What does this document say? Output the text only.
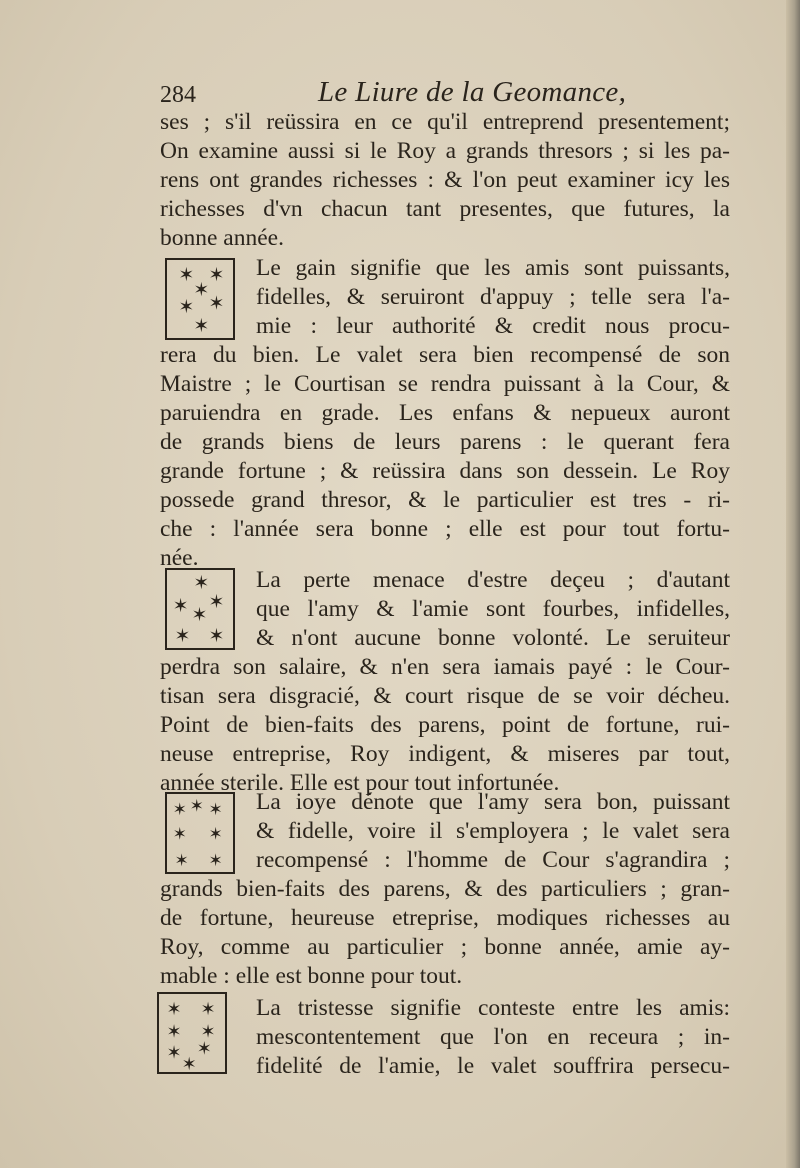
284	Le Liure de la Geomance,
ses ; s'il reüssira en ce qu'il entreprend presentement;
On examine aussi si le Roy a grands thresors ; si les pa-
rens ont grandes richesses : & l'on peut examiner icy les
richesses d'vn chacun tant presentes, que futures, la
bonne année.
✶ ✶
✶
✶ ✶
✶
Le gain signifie que les amis sont puissants,
fidelles, & seruiront d'appuy ; telle sera l'a-
mie : leur authorité & credit nous procu-
rera du bien. Le valet sera bien recompensé de son
Maistre ; le Courtisan se rendra puissant à la Cour, &
paruiendra en grade. Les enfans & nepueux auront
de grands biens de leurs parens : le querant fera
grande fortune ; & reüssira dans son dessein. Le Roy
possede grand thresor, & le particulier est tres - ri-
che : l'année sera bonne ; elle est pour tout fortu-
née.
✶
✶ ✶
✶
✶ ✶
La perte menace d'estre deçeu ; d'autant
que l'amy & l'amie sont fourbes, infidelles,
& n'ont aucune bonne volonté. Le seruiteur
perdra son salaire, & n'en sera iamais payé : le Cour-
tisan sera disgracié, & court risque de se voir décheu.
Point de bien-faits des parens, point de fortune, rui-
neuse entreprise, Roy indigent, & miseres par tout,
année sterile. Elle est pour tout infortunée.
✶ ✶ ✶
✶ ✶
✶ ✶
La ioye dénote que l'amy sera bon, puissant
& fidelle, voire il s'employera ; le valet sera
recompensé : l'homme de Cour s'agrandira ;
grands bien-faits des parens, & des particuliers ; gran-
de fortune, heureuse etreprise, modiques richesses au
Roy, comme au particulier ; bonne année, amie ay-
mable : elle est bonne pour tout.
✶ ✶
✶ ✶
✶ ✶
✶
La tristesse signifie conteste entre les amis:
mescontentement que l'on en receura ; in-
fidelité de l'amie, le valet souffrira persecu-
